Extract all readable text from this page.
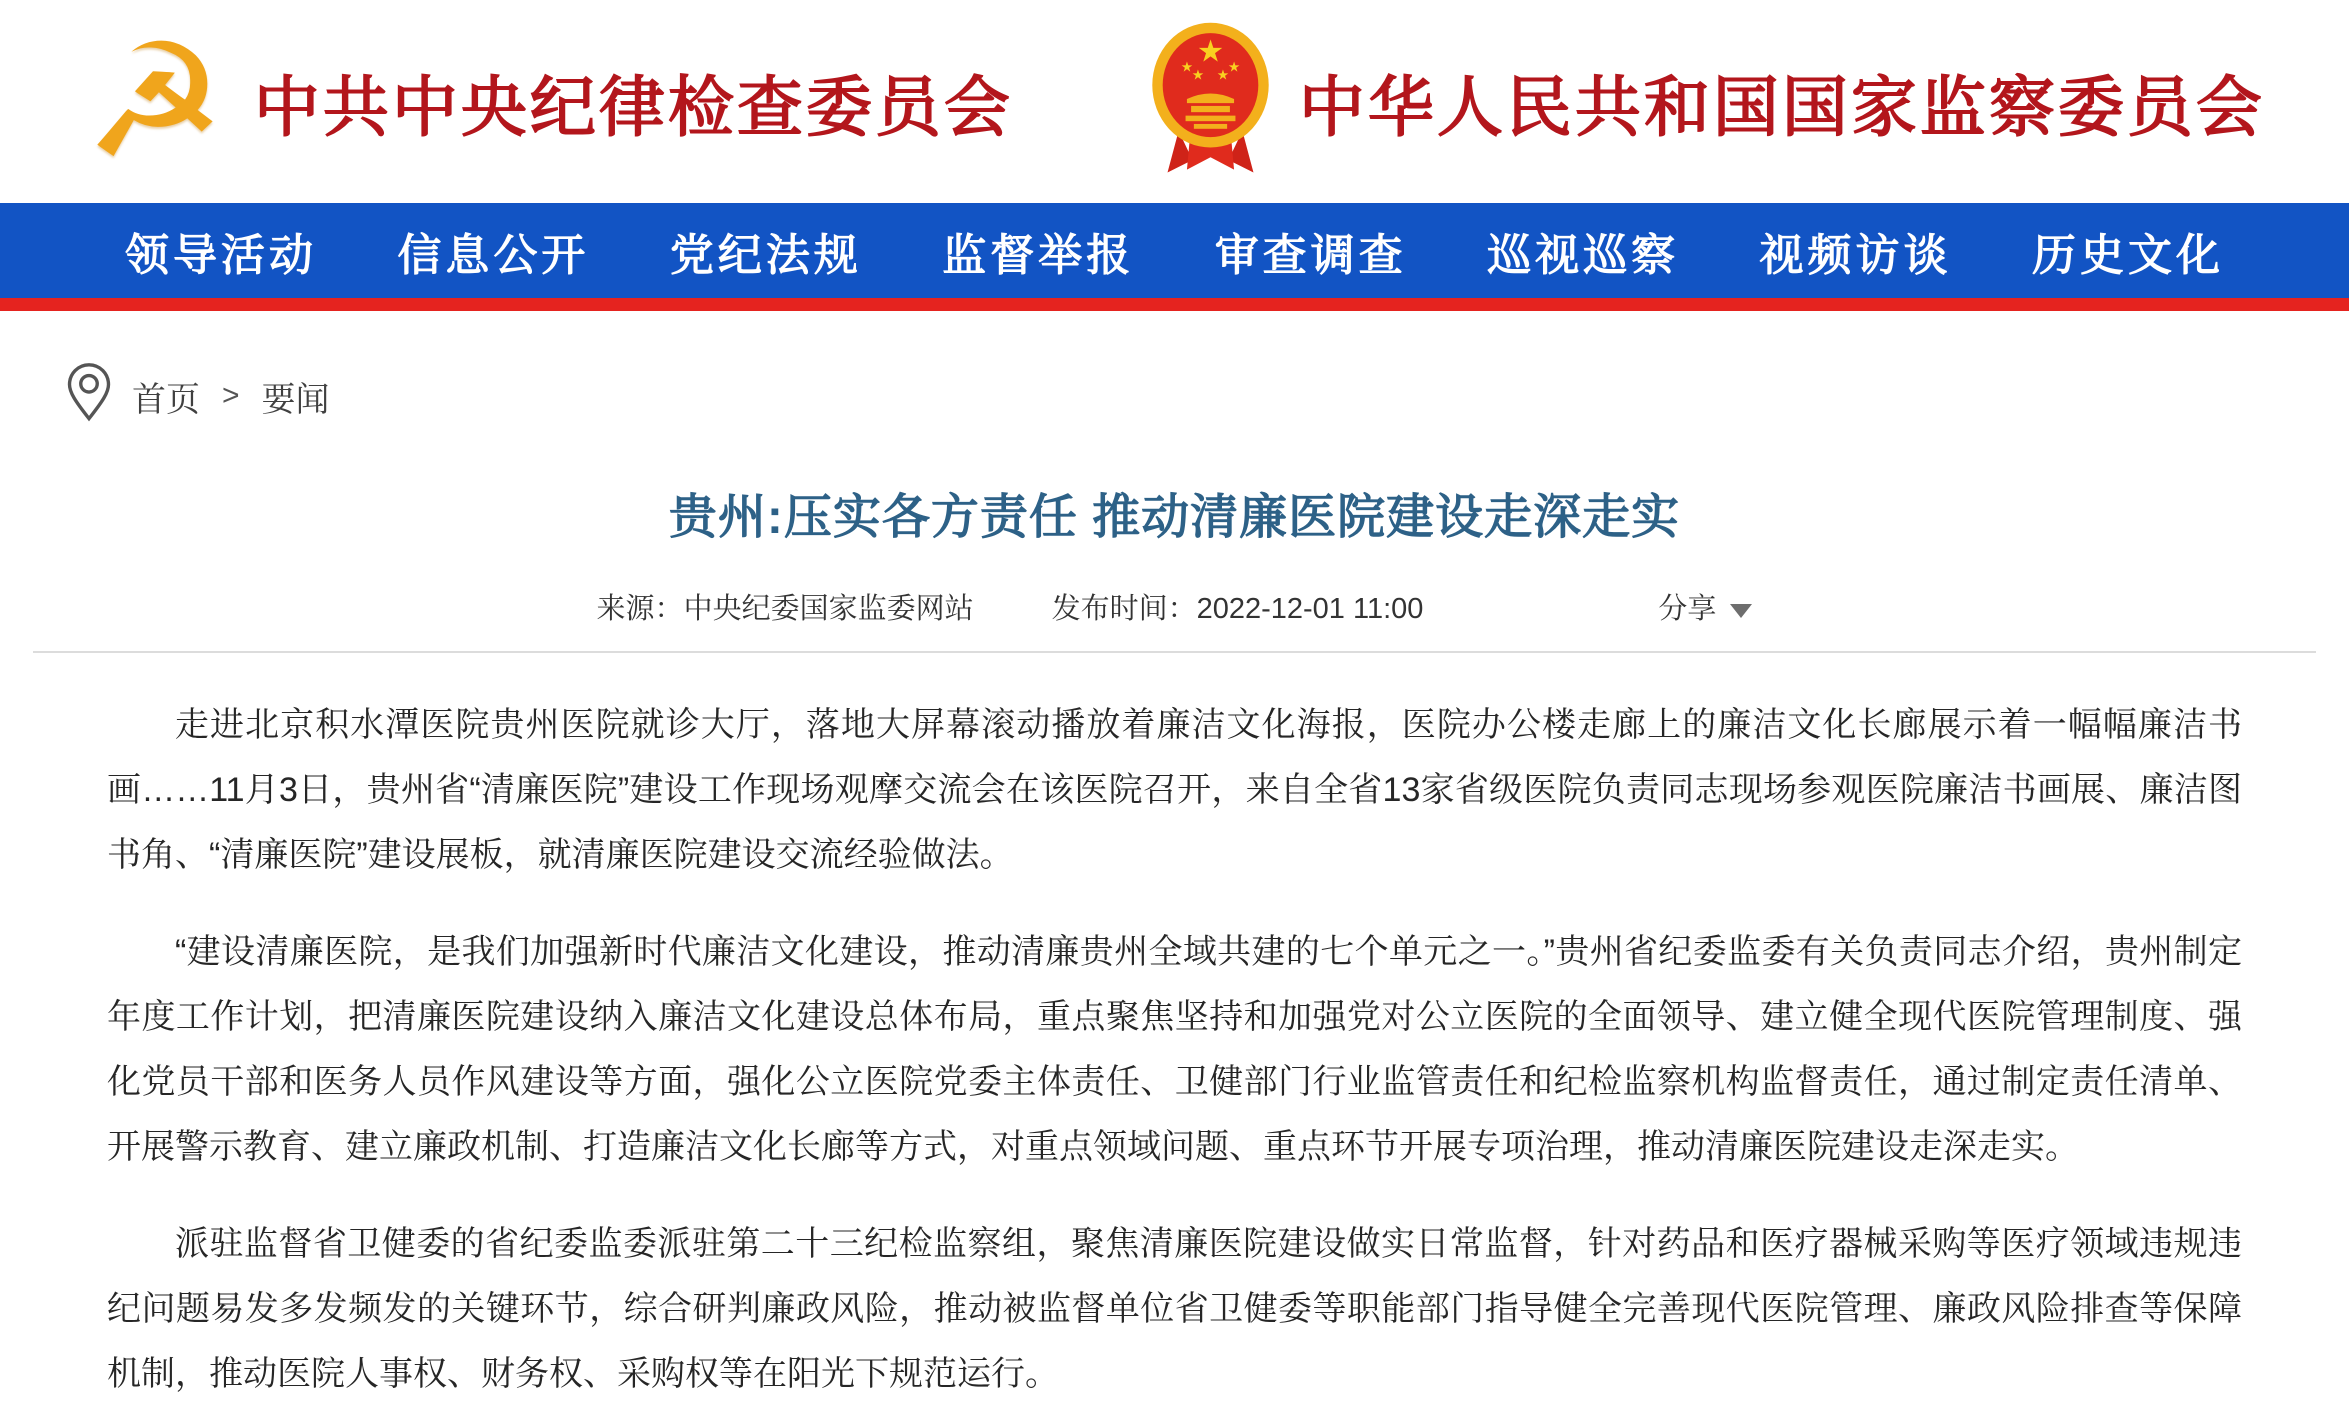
☭ 中共中央纪律检查委员会
★
★
★ ★
★
中华人民共和国国家监察委员会
领导活动 信息公开 党纪法规 监督举报 审查调查 巡视巡察 视频访谈 历史文化
首页 > 要闻
贵州:压实各方责任 推动清廉医院建设走深走实
来源：中央纪委国家监委网站	发布时间：2022-12-01 11:00	分享

走进北京积水潭医院贵州医院就诊大厅，落地大屏幕滚动播放着廉洁文化海报，医院办公楼走廊上的廉洁文化长廊展示着一幅幅廉洁书画……11月3日，贵州省“清廉医院”建设工作现场观摩交流会在该医院召开，来自全省13家省级医院负责同志现场参观医院廉洁书画展、廉洁图书角、“清廉医院”建设展板，就清廉医院建设交流经验做法。

“建设清廉医院，是我们加强新时代廉洁文化建设，推动清廉贵州全域共建的七个单元之一。”贵州省纪委监委有关负责同志介绍，贵州制定年度工作计划，把清廉医院建设纳入廉洁文化建设总体布局，重点聚焦坚持和加强党对公立医院的全面领导、建立健全现代医院管理制度、强化党员干部和医务人员作风建设等方面，强化公立医院党委主体责任、卫健部门行业监管责任和纪检监察机构监督责任，通过制定责任清单、开展警示教育、建立廉政机制、打造廉洁文化长廊等方式，对重点领域问题、重点环节开展专项治理，推动清廉医院建设走深走实。

派驻监督省卫健委的省纪委监委派驻第二十三纪检监察组，聚焦清廉医院建设做实日常监督，针对药品和医疗器械采购等医疗领域违规违纪问题易发多发频发的关键环节，综合研判廉政风险，推动被监督单位省卫健委等职能部门指导健全完善现代医院管理、廉政风险排查等保障机制，推动医院人事权、财务权、采购权等在阳光下规范运行。
